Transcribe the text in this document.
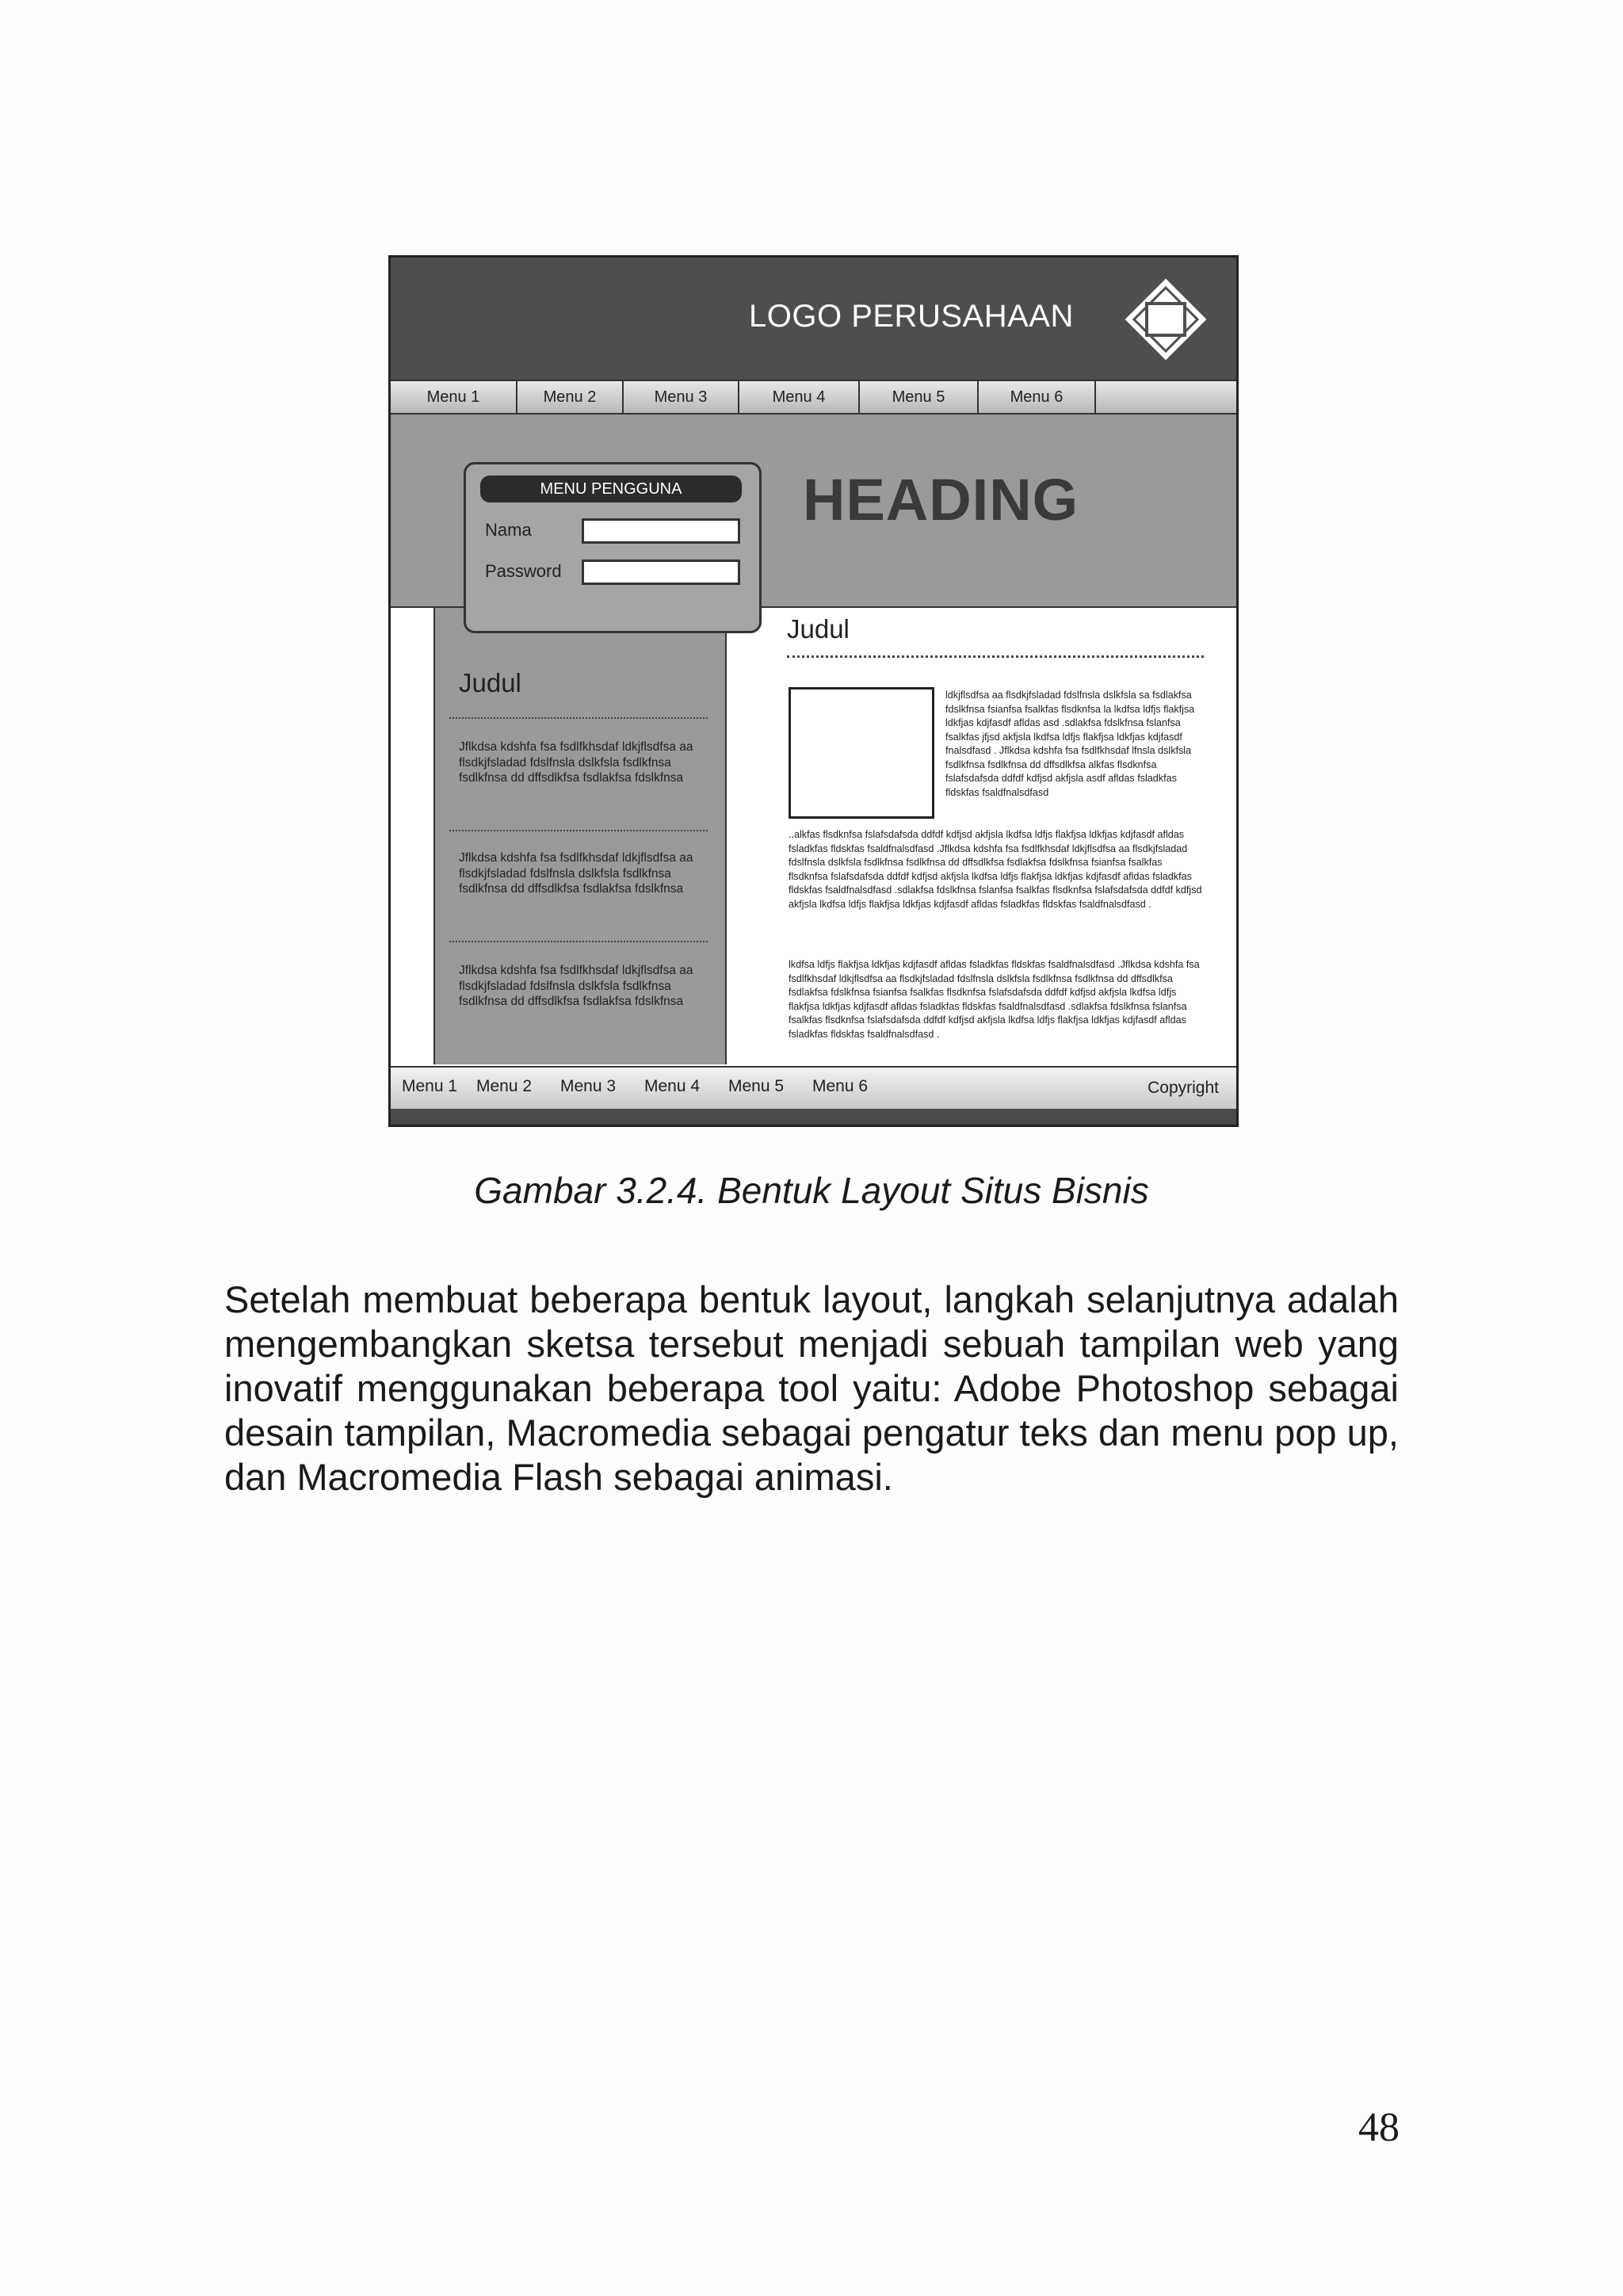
LOGO PERUSAHAAN
Menu 1	Menu 2	Menu 3	Menu 4	Menu 5	Menu 6
HEADING
Judul
Jflkdsa kdshfa fsa fsdlfkhsdaf ldkjflsdfsa aa flsdkjfsladad fdslfnsla dslkfsla fsdlkfnsa fsdlkfnsa dd dffsdlkfsa fsdlakfsa fdslkfnsa
Jflkdsa kdshfa fsa fsdlfkhsdaf ldkjflsdfsa aa flsdkjfsladad fdslfnsla dslkfsla fsdlkfnsa fsdlkfnsa dd dffsdlkfsa fsdlakfsa fdslkfnsa
Jflkdsa kdshfa fsa fsdlfkhsdaf ldkjflsdfsa aa flsdkjfsladad fdslfnsla dslkfsla fsdlkfnsa fsdlkfnsa dd dffsdlkfsa fsdlakfsa fdslkfnsa
Judul
ldkjflsdfsa aa flsdkjfsladad fdslfnsla dslkfsla sa fsdlakfsa fdslkfnsa fsianfsa fsalkfas flsdknfsa la lkdfsa ldfjs flakfjsa ldkfjas kdjfasdf afldas asd .sdlakfsa fdslkfnsa fslanfsa fsalkfas jfjsd akfjsla lkdfsa ldfjs flakfjsa ldkfjas kdjfasdf fnalsdfasd . Jflkdsa kdshfa fsa fsdlfkhsdaf lfnsla dslkfsla fsdlkfnsa fsdlkfnsa dd dffsdlkfsa alkfas flsdknfsa fslafsdafsda ddfdf kdfjsd akfjsla asdf afldas fsladkfas fldskfas fsaldfnalsdfasd
..alkfas flsdknfsa fslafsdafsda ddfdf kdfjsd akfjsla lkdfsa ldfjs flakfjsa ldkfjas kdjfasdf afldas fsladkfas fldskfas fsaldfnalsdfasd .Jflkdsa kdshfa fsa fsdlfkhsdaf ldkjflsdfsa aa flsdkjfsladad fdslfnsla dslkfsla fsdlkfnsa fsdlkfnsa dd dffsdlkfsa fsdlakfsa fdslkfnsa fsianfsa fsalkfas flsdknfsa fslafsdafsda ddfdf kdfjsd akfjsla lkdfsa ldfjs flakfjsa ldkfjas kdjfasdf afldas fsladkfas fldskfas fsaldfnalsdfasd .sdlakfsa fdslkfnsa fslanfsa fsalkfas flsdknfsa fslafsdafsda ddfdf kdfjsd akfjsla lkdfsa ldfjs flakfjsa ldkfjas kdjfasdf afldas fsladkfas fldskfas fsaldfnalsdfasd .
lkdfsa ldfjs flakfjsa ldkfjas kdjfasdf afldas fsladkfas fldskfas fsaldfnalsdfasd .Jflkdsa kdshfa fsa fsdlfkhsdaf ldkjflsdfsa aa flsdkjfsladad fdslfnsla dslkfsla fsdlkfnsa fsdlkfnsa dd dffsdlkfsa fsdlakfsa fdslkfnsa fsianfsa fsalkfas flsdknfsa fslafsdafsda ddfdf kdfjsd akfjsla lkdfsa ldfjs flakfjsa ldkfjas kdjfasdf afldas fsladkfas fldskfas fsaldfnalsdfasd .sdlakfsa fdslkfnsa fslanfsa fsalkfas flsdknfsa fslafsdafsda ddfdf kdfjsd akfjsla lkdfsa ldfjs flakfjsa ldkfjas kdjfasdf afldas fsladkfas fldskfas fsaldfnalsdfasd .
MENU PENGGUNA
Nama
Password
Menu 1 Menu 2 Menu 3 Menu 4 Menu 5 Menu 6	Copyright
Gambar 3.2.4. Bentuk Layout Situs Bisnis
Setelah membuat beberapa bentuk layout, langkah selanjutnya adalah mengembangkan sketsa tersebut menjadi sebuah tampilan web yang inovatif menggunakan beberapa tool yaitu: Adobe Photoshop sebagai desain tampilan, Macromedia sebagai pengatur teks dan menu pop up, dan Macromedia Flash sebagai animasi.
48
